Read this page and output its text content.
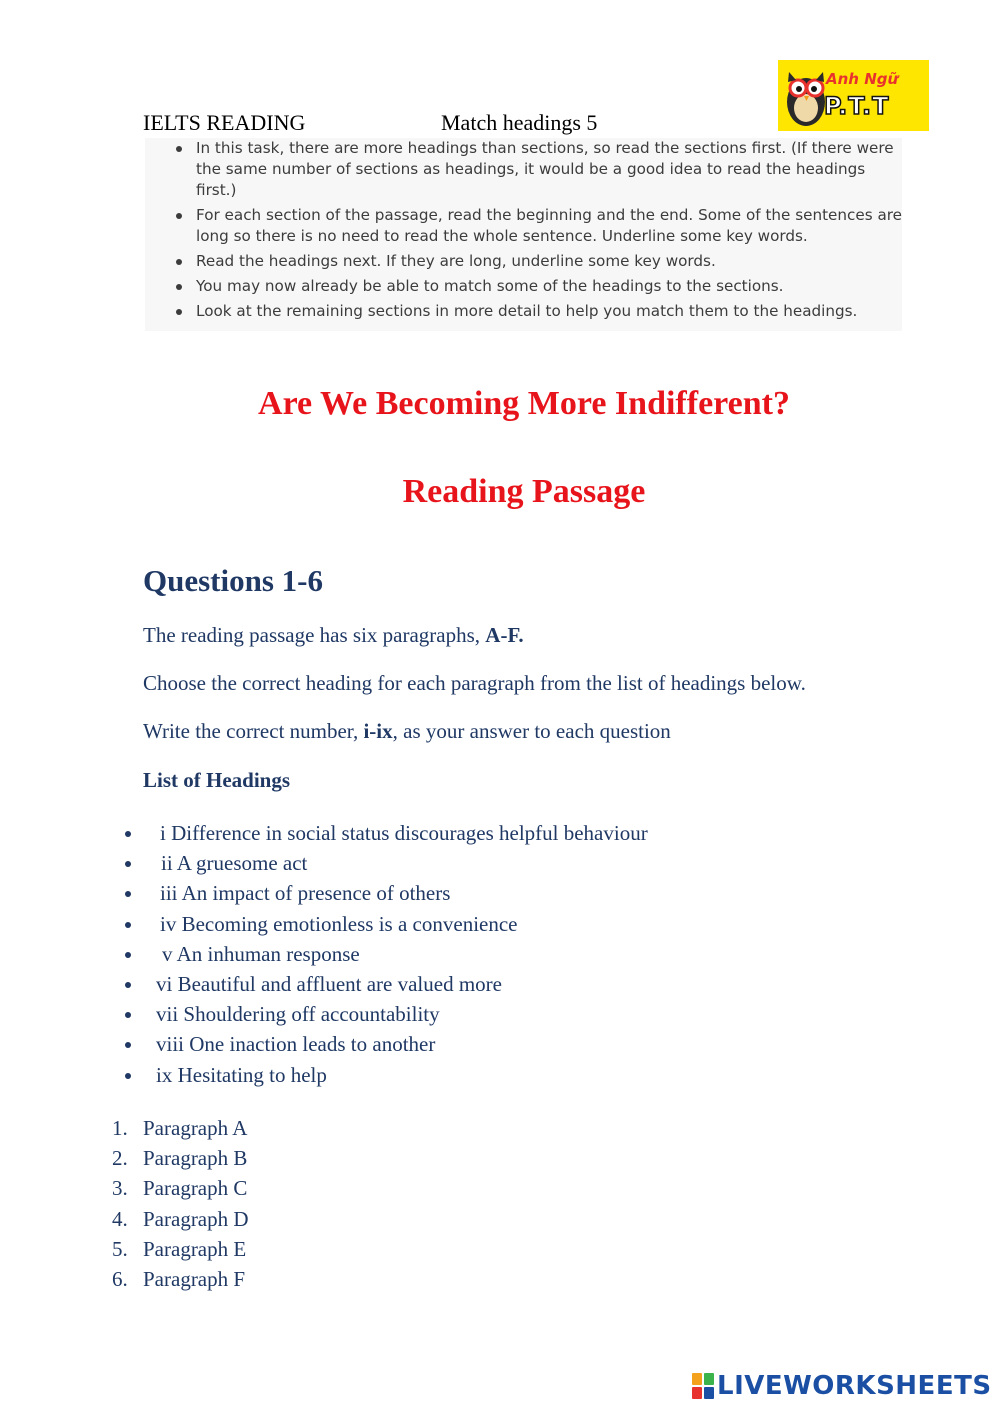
IELTS READING	Match headings 5
Anh Ngữ
P.T.T
In this task, there are more headings than sections, so read the sections first. (If there were the same number of sections as headings, it would be a good idea to read the headings first.)
For each section of the passage, read the beginning and the end. Some of the sentences are long so there is no need to read the whole sentence. Underline some key words.
Read the headings next. If they are long, underline some key words.
You may now already be able to match some of the headings to the sections.
Look at the remaining sections in more detail to help you match them to the headings.
Are We Becoming More Indifferent?
Reading Passage
Questions 1-6
The reading passage has six paragraphs, A-F.
Choose the correct heading for each paragraph from the list of headings below.
Write the correct number, i-ix, as your answer to each question
List of Headings
i Difference in social status discourages helpful behaviour
ii A gruesome act
iii An impact of presence of others
iv Becoming emotionless is a convenience
v An inhuman response
vi Beautiful and affluent are valued more
vii Shouldering off accountability
viii One inaction leads to another
ix Hesitating to help
1. Paragraph A
2. Paragraph B
3. Paragraph C
4. Paragraph D
5. Paragraph E
6. Paragraph F
LIVEWORKSHEETS
